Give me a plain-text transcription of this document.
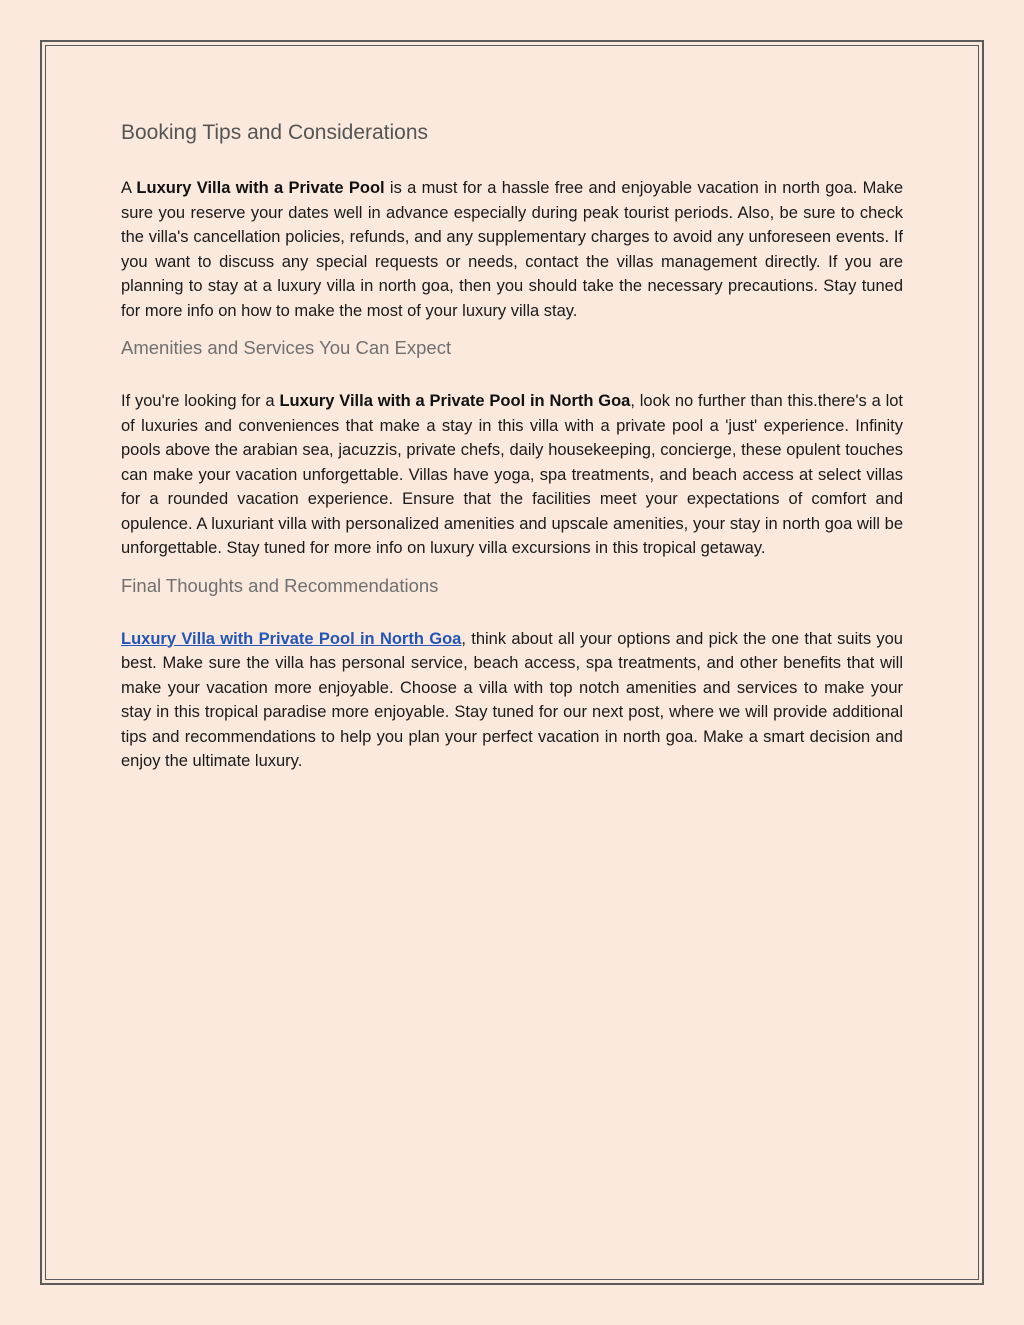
Booking Tips and Considerations

A Luxury Villa with a Private Pool is a must for a hassle free and enjoyable vacation in north goa. Make sure you reserve your dates well in advance especially during peak tourist periods. Also, be sure to check the villa's cancellation policies, refunds, and any supplementary charges to avoid any unforeseen events. If you want to discuss any special requests or needs, contact the villas management directly. If you are planning to stay at a luxury villa in north goa, then you should take the necessary precautions. Stay tuned for more info on how to make the most of your luxury villa stay.

Amenities and Services You Can Expect

If you're looking for a Luxury Villa with a Private Pool in North Goa, look no further than this.there's a lot of luxuries and conveniences that make a stay in this villa with a private pool a 'just' experience. Infinity pools above the arabian sea, jacuzzis, private chefs, daily housekeeping, concierge, these opulent touches can make your vacation unforgettable. Villas have yoga, spa treatments, and beach access at select villas for a rounded vacation experience. Ensure that the facilities meet your expectations of comfort and opulence. A luxuriant villa with personalized amenities and upscale amenities, your stay in north goa will be unforgettable. Stay tuned for more info on luxury villa excursions in this tropical getaway.

Final Thoughts and Recommendations

Luxury Villa with Private Pool in North Goa, think about all your options and pick the one that suits you best. Make sure the villa has personal service, beach access, spa treatments, and other benefits that will make your vacation more enjoyable. Choose a villa with top notch amenities and services to make your stay in this tropical paradise more enjoyable. Stay tuned for our next post, where we will provide additional tips and recommendations to help you plan your perfect vacation in north goa. Make a smart decision and enjoy the ultimate luxury.
